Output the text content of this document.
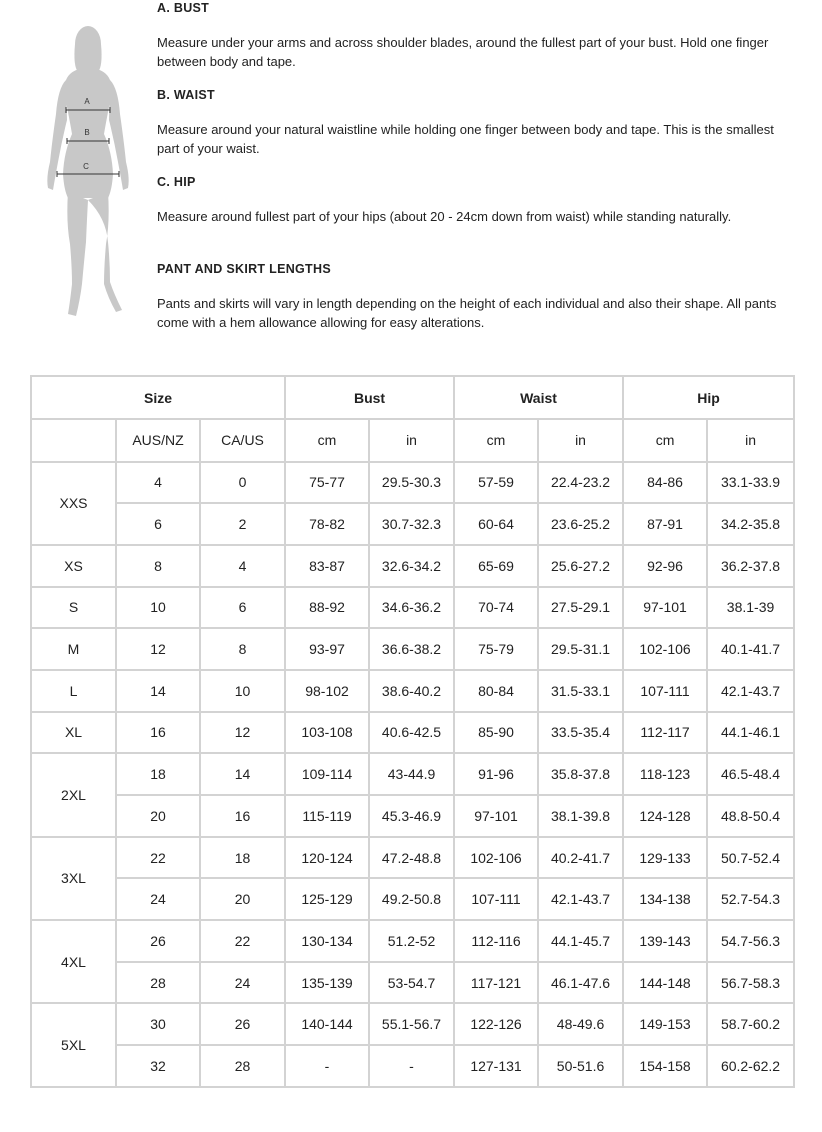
A
B
C
A. BUST

Measure under your arms and across shoulder blades, around the fullest part of your bust. Hold one finger between body and tape.

B. WAIST

Measure around your natural waistline while holding one finger between body and tape. This is the smallest part of your waist.

C. HIP

Measure around fullest part of your hips (about 20 - 24cm down from waist) while standing naturally.

PANT AND SKIRT LENGTHS

Pants and skirts will vary in length depending on the height of each individual and also their shape. All pants come with a hem allowance allowing for easy alterations.

Size			Bust		Waist		Hip	
	AUS/NZ	CA/US	cm	in	cm	in	cm	in
XXS	4	0	75-77	29.5-30.3	57-59	22.4-23.2	84-86	33.1-33.9
	6	2	78-82	30.7-32.3	60-64	23.6-25.2	87-91	34.2-35.8
XS	8	4	83-87	32.6-34.2	65-69	25.6-27.2	92-96	36.2-37.8
S	10	6	88-92	34.6-36.2	70-74	27.5-29.1	97-101	38.1-39
M	12	8	93-97	36.6-38.2	75-79	29.5-31.1	102-106	40.1-41.7
L	14	10	98-102	38.6-40.2	80-84	31.5-33.1	107-111	42.1-43.7
XL	16	12	103-108	40.6-42.5	85-90	33.5-35.4	112-117	44.1-46.1
2XL	18	14	109-114	43-44.9	91-96	35.8-37.8	118-123	46.5-48.4
	20	16	115-119	45.3-46.9	97-101	38.1-39.8	124-128	48.8-50.4
3XL	22	18	120-124	47.2-48.8	102-106	40.2-41.7	129-133	50.7-52.4
	24	20	125-129	49.2-50.8	107-111	42.1-43.7	134-138	52.7-54.3
4XL	26	22	130-134	51.2-52	112-116	44.1-45.7	139-143	54.7-56.3
	28	24	135-139	53-54.7	117-121	46.1-47.6	144-148	56.7-58.3
5XL	30	26	140-144	55.1-56.7	122-126	48-49.6	149-153	58.7-60.2
	32	28	-	-	127-131	50-51.6	154-158	60.2-62.2
